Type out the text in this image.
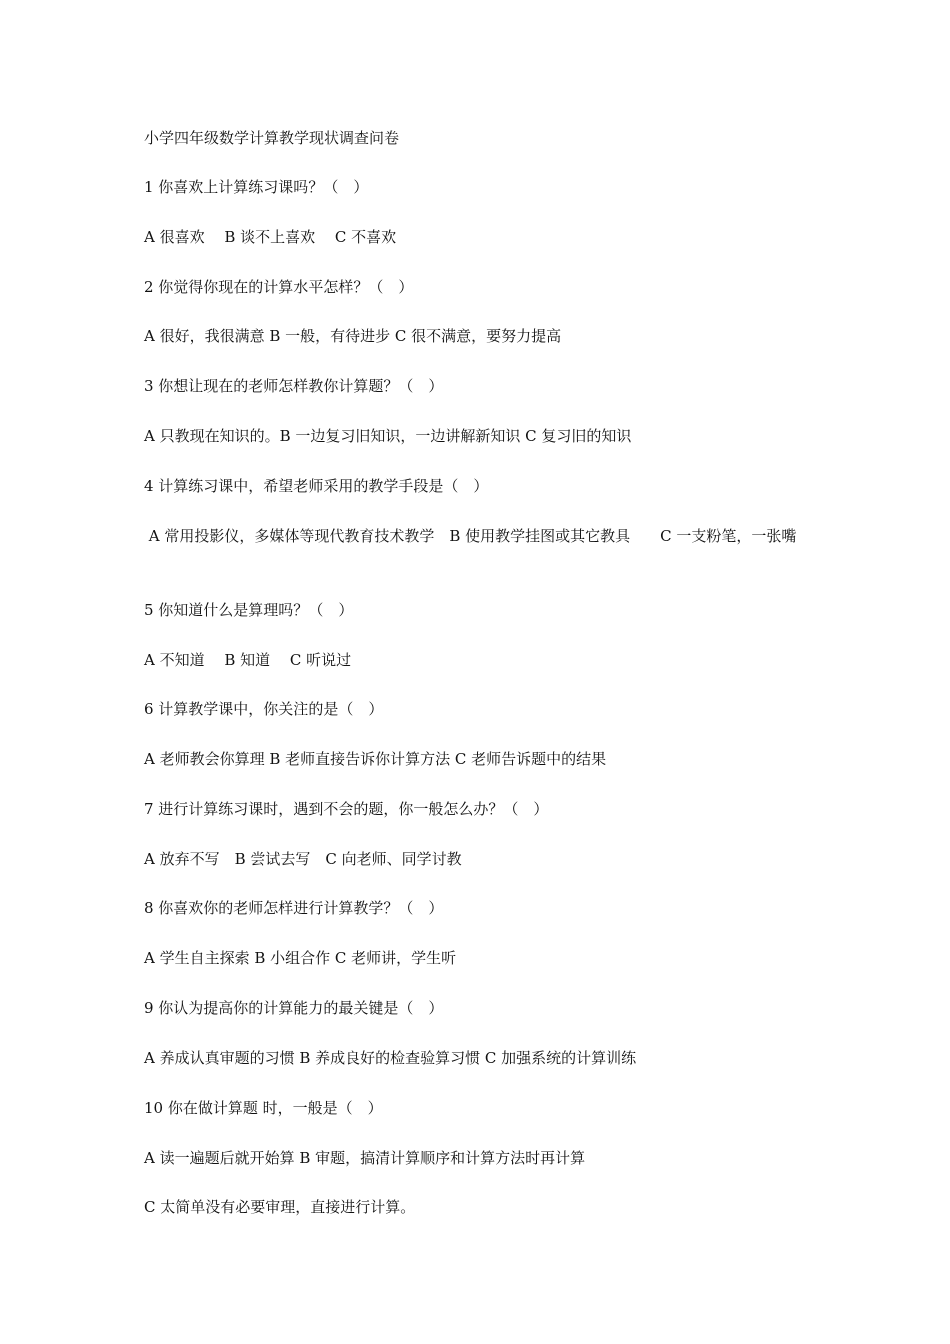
小学四年级数学计算教学现状调查问卷
1 你喜欢上计算练习课吗？（　）
A 很喜欢　 B 谈不上喜欢　 C 不喜欢
2 你觉得你现在的计算水平怎样？（　）
A 很好，我很满意 B 一般，有待进步 C 很不满意，要努力提高
3 你想让现在的老师怎样教你计算题？（　）
A 只教现在知识的。B 一边复习旧知识，一边讲解新知识 C 复习旧的知识
4 计算练习课中，希望老师采用的教学手段是（　）
A 常用投影仪，多媒体等现代教育技术教学　B 使用教学挂图或其它教具　　C 一支粉笔，一张嘴
5 你知道什么是算理吗？（　）
A 不知道　 B 知道　 C 听说过
6 计算教学课中，你关注的是（　）
A 老师教会你算理 B 老师直接告诉你计算方法 C 老师告诉题中的结果
7 进行计算练习课时，遇到不会的题，你一般怎么办？（　）
A 放弃不写　B 尝试去写　C 向老师、同学讨教
8 你喜欢你的老师怎样进行计算教学？（　）
A 学生自主探索 B 小组合作 C 老师讲，学生听
9 你认为提高你的计算能力的最关键是（　）
A 养成认真审题的习惯 B 养成良好的检查验算习惯 C 加强系统的计算训练
10 你在做计算题 时，一般是（　）
A 读一遍题后就开始算 B 审题，搞清计算顺序和计算方法时再计算
C 太简单没有必要审理，直接进行计算。
